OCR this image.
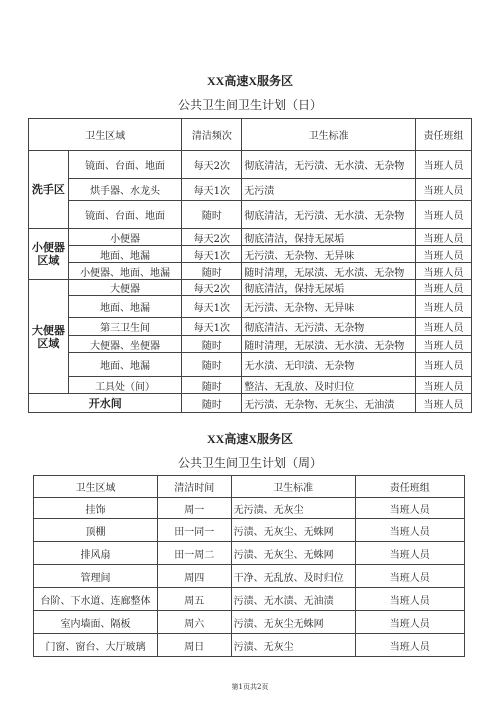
XX高速X服务区
公共卫生间卫生计划（日）
卫生区域		清洁频次	卫生标准	责任班组
洗手区	镜面、台面、地面	每天2次	彻底清洁，无污渍、无水渍、无杂物	当班人员
	烘手器、水龙头	每天1次	无污渍	当班人员
	镜面、台面、地面	随时	彻底清洁，无污渍、无水渍、无杂物	当班人员
小便器区域	小便器	每天2次	彻底清洁，保持无尿垢	当班人员
	地面、地漏	每天1次	无污渍、无杂物、无异味	当班人员
	小便器、地面、地漏	随时	随时清理，无尿渍、无水渍、无杂物	当班人员
大便器区域	大便器	每天2次	彻底清洁，保持无尿垢	当班人员
	地面、地漏	每天1次	无污渍、无杂物、无异味	当班人员
	第三卫生间	每天1次	彻底清洁、无污渍、无杂物	当班人员
	大便器、坐便器	随时	随时清理，无尿渍、无水渍、无杂物	当班人员
	地面、地漏	随时	无水渍、无印渍、无杂物	当班人员
	工具处（间）	随时	整洁、无乱放、及时归位	当班人员
开水间		随时	无污渍、无杂物、无灰尘、无油渍	当班人员
XX高速X服务区
公共卫生间卫生计划（周）
卫生区域	清洁时间	卫生标准	责任班组
挂饰	周一	无污渍、无灰尘	当班人员
顶棚	田一同一	污渍、无灰尘、无蛛网	当班人员
排风扇	田一周二	污渍、无灰尘、无蛛网	当班人员
管理间	周四	干净、无乱放、及时归位	当班人员
台阶、下水道、连廊整体	周五	污渍、无水渍、无油渍	当班人员
室内墙面、隔板	周六	污渍、无灰尘无蛛网	当班人员
门窗、窗台、大厅玻璃	周日	污渍、无灰尘	当班人员
第1页共2页
